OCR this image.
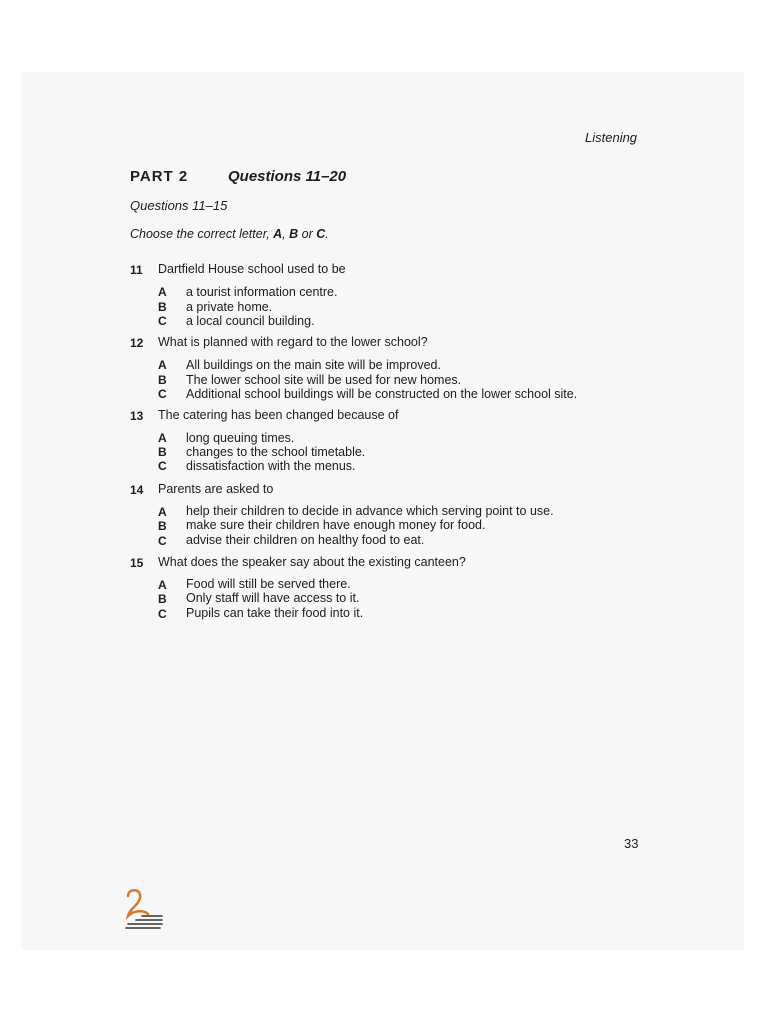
Listening
PART 2	Questions 11–20
Questions 11–15
Choose the correct letter, A, B or C.
11 Dartfield House school used to be
A a tourist information centre.
B a private home.
C a local council building.
12 What is planned with regard to the lower school?
A All buildings on the main site will be improved.
B The lower school site will be used for new homes.
C Additional school buildings will be constructed on the lower school site.
13 The catering has been changed because of
A long queuing times.
B changes to the school timetable.
C dissatisfaction with the menus.
14 Parents are asked to
A help their children to decide in advance which serving point to use.
B make sure their children have enough money for food.
C advise their children on healthy food to eat.
15 What does the speaker say about the existing canteen?
A Food will still be served there.
B Only staff will have access to it.
C Pupils can take their food into it.
33
